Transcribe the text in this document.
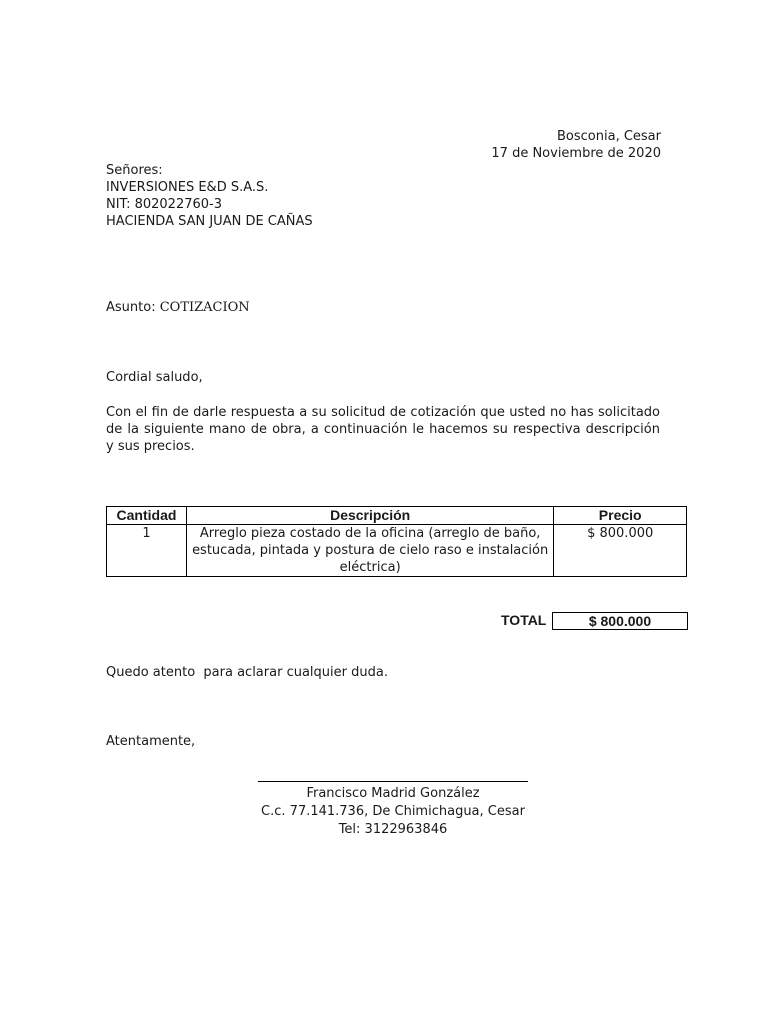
Bosconia, Cesar
17 de Noviembre de 2020
Señores:
INVERSIONES E&D S.A.S.
NIT: 802022760-3
HACIENDA SAN JUAN DE CAÑAS
Asunto: COTIZACION
Cordial saludo,
Con el fin de darle respuesta a su solicitud de cotización que usted no has solicitado de la siguiente mano de obra, a continuación le hacemos su respectiva descripción y sus precios.
Cantidad	Descripción	Precio
1	Arreglo pieza costado de la oficina (arreglo de baño, estucada, pintada y postura de cielo raso e instalación eléctrica)	$ 800.000
TOTAL	$ 800.000
Quedo atento  para aclarar cualquier duda.
Atentamente,
Francisco Madrid González
C.c. 77.141.736, De Chimichagua, Cesar
Tel: 3122963846
